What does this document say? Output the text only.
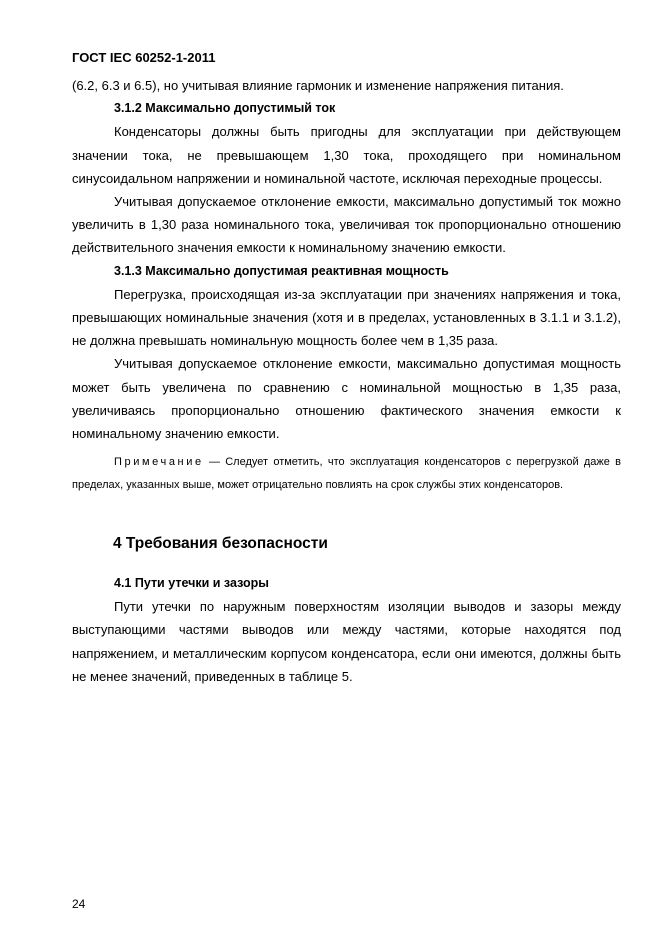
ГОСТ IEC 60252-1-2011

(6.2, 6.3 и 6.5), но учитывая влияние гармоник и изменение напряжения питания.

3.1.2 Максимально допустимый ток

Конденсаторы должны быть пригодны для эксплуатации при действующем значении тока, не превышающем 1,30 тока, проходящего при номинальном синусоидальном напряжении и номинальной частоте, исключая переходные процессы.

Учитывая допускаемое отклонение емкости, максимально допустимый ток можно увеличить в 1,30 раза номинального тока, увеличивая ток пропорционально отношению действительного значения емкости к номинальному значению емкости.

3.1.3 Максимально допустимая реактивная мощность

Перегрузка, происходящая из-за эксплуатации при значениях напряжения и тока, превышающих номинальные значения (хотя и в пределах, установленных в 3.1.1 и 3.1.2), не должна превышать номинальную мощность более чем в 1,35 раза.

Учитывая допускаемое отклонение емкости, максимально допустимая мощность может быть увеличена по сравнению с номинальной мощностью в 1,35 раза, увеличиваясь пропорционально отношению фактического значения емкости к номинальному значению емкости.

Примечание — Следует отметить, что эксплуатация конденсаторов с перегрузкой даже в пределах, указанных выше, может отрицательно повлиять на срок службы этих конденсаторов.

4 Требования безопасности
4.1 Пути утечки и зазоры

Пути утечки по наружным поверхностям изоляции выводов и зазоры между выступающими частями выводов или между частями, которые находятся под напряжением, и металлическим корпусом конденсатора, если они имеются, должны быть не менее значений, приведенных в таблице 5.

24
